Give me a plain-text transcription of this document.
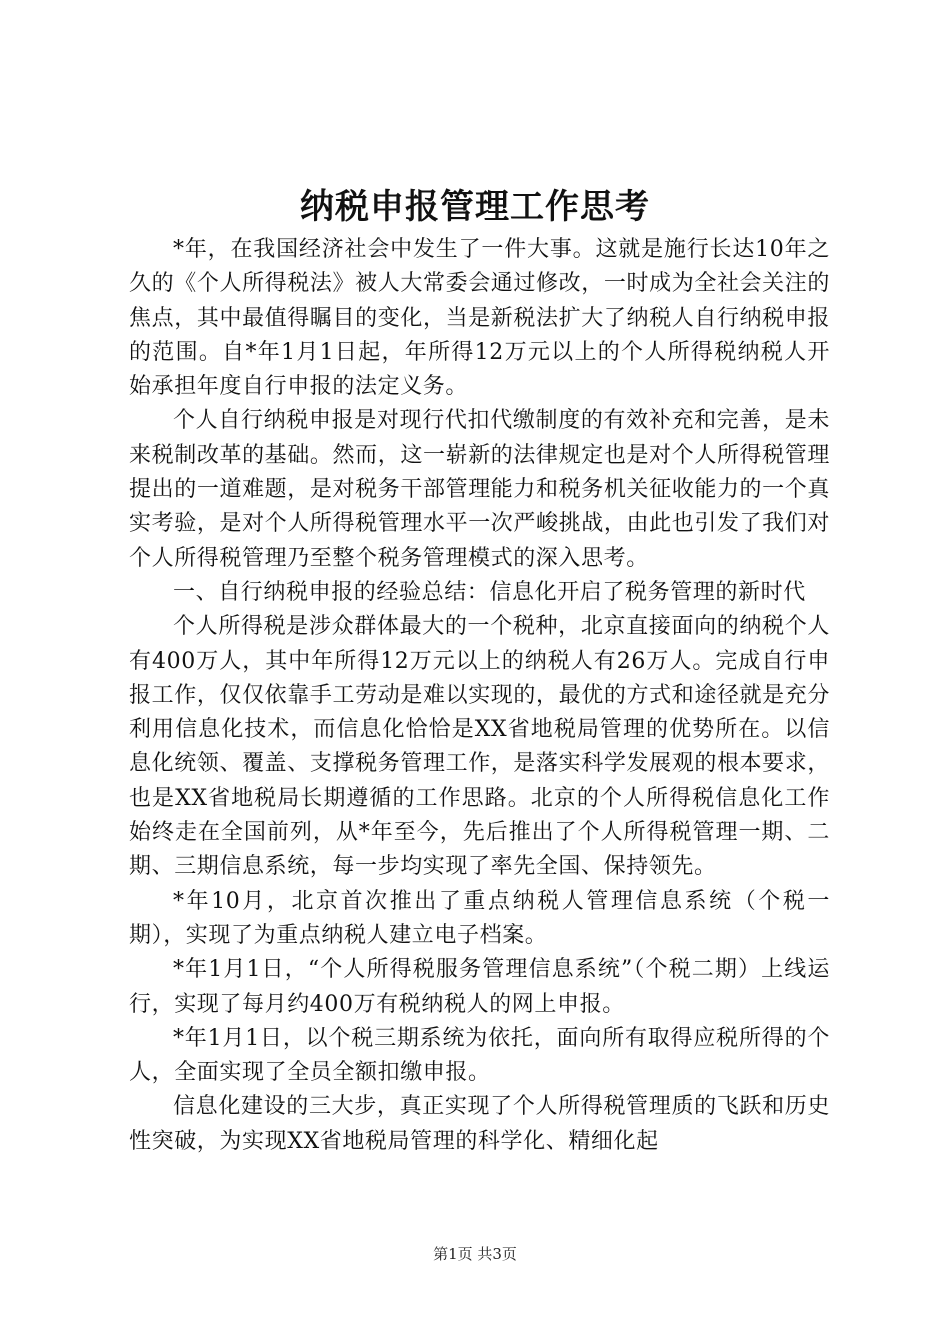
纳税申报管理工作思考

*年，在我国经济社会中发生了一件大事。这就是施行长达10年之久的《个人所得税法》被人大常委会通过修改，一时成为全社会关注的焦点，其中最值得瞩目的变化，当是新税法扩大了纳税人自行纳税申报的范围。自*年1月1日起，年所得12万元以上的个人所得税纳税人开始承担年度自行申报的法定义务。

个人自行纳税申报是对现行代扣代缴制度的有效补充和完善，是未来税制改革的基础。然而，这一崭新的法律规定也是对个人所得税管理提出的一道难题，是对税务干部管理能力和税务机关征收能力的一个真实考验，是对个人所得税管理水平一次严峻挑战，由此也引发了我们对个人所得税管理乃至整个税务管理模式的深入思考。

一、自行纳税申报的经验总结：信息化开启了税务管理的新时代

个人所得税是涉众群体最大的一个税种，北京直接面向的纳税个人有400万人，其中年所得12万元以上的纳税人有26万人。完成自行申报工作，仅仅依靠手工劳动是难以实现的，最优的方式和途径就是充分利用信息化技术，而信息化恰恰是XX省地税局管理的优势所在。以信息化统领、覆盖、支撑税务管理工作，是落实科学发展观的根本要求，也是XX省地税局长期遵循的工作思路。北京的个人所得税信息化工作始终走在全国前列，从*年至今，先后推出了个人所得税管理一期、二期、三期信息系统，每一步均实现了率先全国、保持领先。

*年10月，北京首次推出了重点纳税人管理信息系统（个税一期），实现了为重点纳税人建立电子档案。

*年1月1日，“个人所得税服务管理信息系统”（个税二期）上线运行，实现了每月约400万有税纳税人的网上申报。

*年1月1日，以个税三期系统为依托，面向所有取得应税所得的个人，全面实现了全员全额扣缴申报。

信息化建设的三大步，真正实现了个人所得税管理质的飞跃和历史性突破，为实现XX省地税局管理的科学化、精细化起

第1页 共3页
